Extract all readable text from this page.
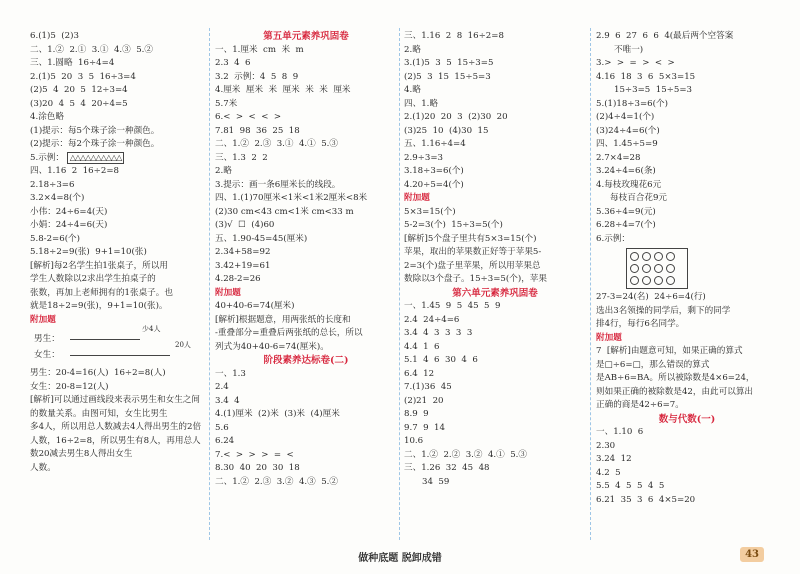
6.(1)5  (2)3
二、1.②  2.①  3.①  4.③  5.②
三、1.圆略  16÷4=4
2.(1)5  20  3  5  16÷3=4
(2)5  4  20  5  12÷3=4
(3)20  4  5  4  20÷4=5
4.涂色略
(1)提示：每5个珠子涂一种颜色。
(2)提示：每2个珠子涂一种颜色。
5.示例： △△△△△△△△△△
四、1.16  2  16÷2=8
2.18÷3=6
3.2×4=8(个)
小伟：24÷6=4(天)
小娟：24÷4=6(天)
5.8-2=6(个)
5.18÷2=9(张)  9+1=10(张)
[解析]每2名学生拍1张桌子，所以用
学生人数除以2求出学生拍桌子的
张数，再加上老师拥有的1张桌子。也
就是18÷2=9(张)，9+1=10(张)。
附加题
男生：
女生：
少4人
20人
男生：20-4=16(人)  16÷2=8(人)
女生：20-8=12(人)
[解析]可以通过画线段来表示男生和女生之间
的数量关系。由图可知，女生比男生
多4人，所以用总人数减去4人得出男生的2倍
人数，16÷2=8，所以男生有8人，再用总人
数20减去男生8人得出女生
人数。
第五单元素养巩固卷
一、1.厘米  cm  米  m
2.3  4  6
3.2  示例：4  5  8  9
4.厘米  厘米  米  厘米  米  米  厘米
5.7米
6.<  >  <  <  >
7.81  98  36  25  18
二、1.②  2.③  3.①  4.①  5.③
三、1.3  2  2
2.略
3.提示：画一条6厘米长的线段。
四、1.(1)70厘米<1米<1米2厘米<8米
(2)30 cm<43 cm<1米 cm<33 m
(3)√  ☐  (4)60
五、1.90-45=45(厘米)
2.34+58=92
3.42+19=61
4.28-2=26
附加题
40+40-6=74(厘米)
[解析]根据题意，用两张纸的长度和
-重叠部分=重叠后两张纸的总长，所以
列式为40+40-6=74(厘米)。
阶段素养达标卷(二)
一、1.3
2.4
3.4  4
4.(1)厘米  (2)米  (3)米  (4)厘米
5.6
6.24
7.<  >  >  >  =  <
8.30  40  20  30  18
二、1.②  2.③  3.②  4.③  5.②
三、1.16  2  8  16÷2=8
2.略
3.(1)5  3  5  15÷3=5
(2)5  3  15  15÷5=3
4.略
四、1.略
2.(1)20  20  3  (2)30  20
(3)25  10  (4)30  15
五、1.16÷4=4
2.9÷3=3
3.18÷3=6(个)
4.20÷5=4(个)
附加题
5×3=15(个)
5-2=3(个)  15÷3=5(个)
[解析]5个盘子里共有5×3=15(个)
苹果，取出的苹果数正好等于苹果5-
2=3(个)盘子里苹果，所以用苹果总
数除以3个盘子。15÷3=5(个)，苹果
第六单元素养巩固卷
一、1.45  9  5  45  5  9
2.4  24÷4=6
3.4  4  3  3  3  3
4.4  1  6
5.1  4  6  30  4  6
6.4  12
7.(1)36  45
(2)21  20
8.9  9
9.7  9  14
10.6
二、1.②  2.②  3.②  4.①  5.③
三、1.26  32  45  48
34  59
2.9  6  27  6  6  4(最后两个空答案
不唯一)
3.>  >  =  >  <  >
4.16  18  3  6  5×3=15
15÷3=5  15÷5=3
5.(1)18÷3=6(个)
(2)4÷4=1(个)
(3)24÷4=6(个)
四、1.45÷5=9
2.7×4=28
3.24÷4=6(条)
4.每枝玫瑰花6元
每枝百合花9元
5.36÷4=9(元)
6.28÷4=7(个)
6.示例：
27-3=24(名)  24÷6=4(行)
选出3名领操的同学后，剩下的同学
排4行，每行6名同学。
附加题
7  [解析]由题意可知，如果正确的算式
是□÷6=□，那么错误的算式
是AB÷6=BA。所以被除数是4×6=24，
则如果正确的被除数是42，由此可以算出
正确的商是42÷6=7。
数与代数(一)
一、1.10  6
2.30
3.24  12
4.2  5
5.5  4  5  5  4  5
6.21  35  3  6  4×5=20
做种底题 脱卸成错	43
